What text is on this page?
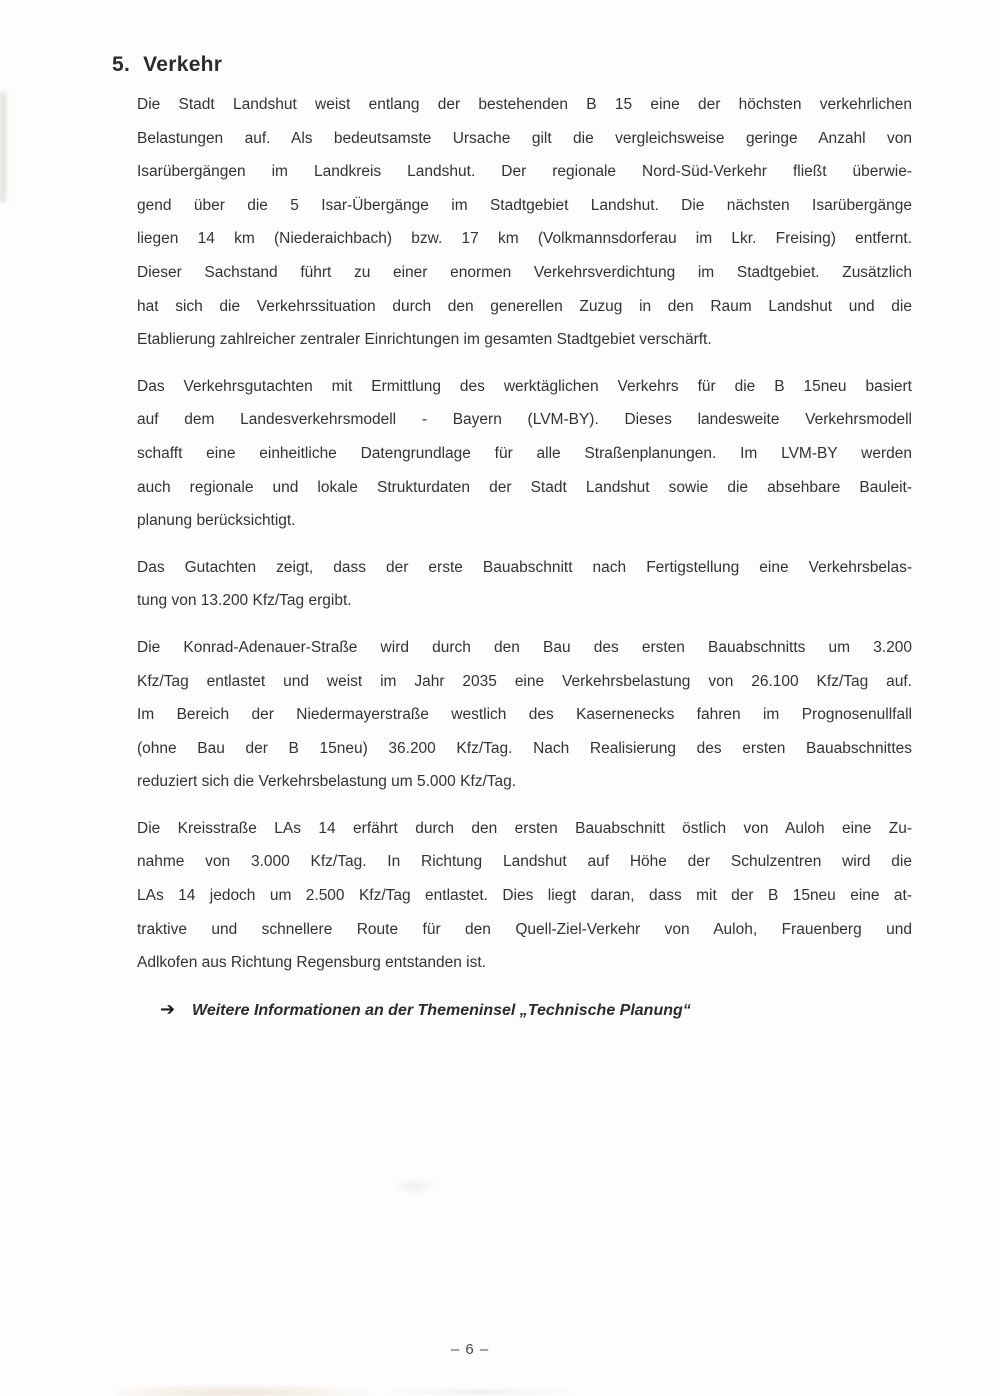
5. Verkehr
Die Stadt Landshut weist entlang der bestehenden B 15 eine der höchsten verkehrlichen
Belastungen auf. Als bedeutsamste Ursache gilt die vergleichsweise geringe Anzahl von
Isarübergängen im Landkreis Landshut. Der regionale Nord-Süd-Verkehr fließt überwie-
gend über die 5 Isar-Übergänge im Stadtgebiet Landshut. Die nächsten Isarübergänge
liegen 14 km (Niederaichbach) bzw. 17 km (Volkmannsdorferau im Lkr. Freising) entfernt.
Dieser Sachstand führt zu einer enormen Verkehrsverdichtung im Stadtgebiet. Zusätzlich
hat sich die Verkehrssituation durch den generellen Zuzug in den Raum Landshut und die
Etablierung zahlreicher zentraler Einrichtungen im gesamten Stadtgebiet verschärft.
Das Verkehrsgutachten mit Ermittlung des werktäglichen Verkehrs für die B 15neu basiert
auf dem Landesverkehrsmodell - Bayern (LVM-BY). Dieses landesweite Verkehrsmodell
schafft eine einheitliche Datengrundlage für alle Straßenplanungen. Im LVM-BY werden
auch regionale und lokale Strukturdaten der Stadt Landshut sowie die absehbare Bauleit-
planung berücksichtigt.
Das Gutachten zeigt, dass der erste Bauabschnitt nach Fertigstellung eine Verkehrsbelas-
tung von 13.200 Kfz/Tag ergibt.
Die Konrad-Adenauer-Straße wird durch den Bau des ersten Bauabschnitts um 3.200
Kfz/Tag entlastet und weist im Jahr 2035 eine Verkehrsbelastung von 26.100 Kfz/Tag auf.
Im Bereich der Niedermayerstraße westlich des Kasernenecks fahren im Prognosenullfall
(ohne Bau der B 15neu) 36.200 Kfz/Tag. Nach Realisierung des ersten Bauabschnittes
reduziert sich die Verkehrsbelastung um 5.000 Kfz/Tag.
Die Kreisstraße LAs 14 erfährt durch den ersten Bauabschnitt östlich von Auloh eine Zu-
nahme von 3.000 Kfz/Tag. In Richtung Landshut auf Höhe der Schulzentren wird die
LAs 14 jedoch um 2.500 Kfz/Tag entlastet. Dies liegt daran, dass mit der B 15neu eine at-
traktive und schnellere Route für den Quell-Ziel-Verkehr von Auloh, Frauenberg und
Adlkofen aus Richtung Regensburg entstanden ist.
➔ Weitere Informationen an der Themeninsel „Technische Planung“
– 6 –
